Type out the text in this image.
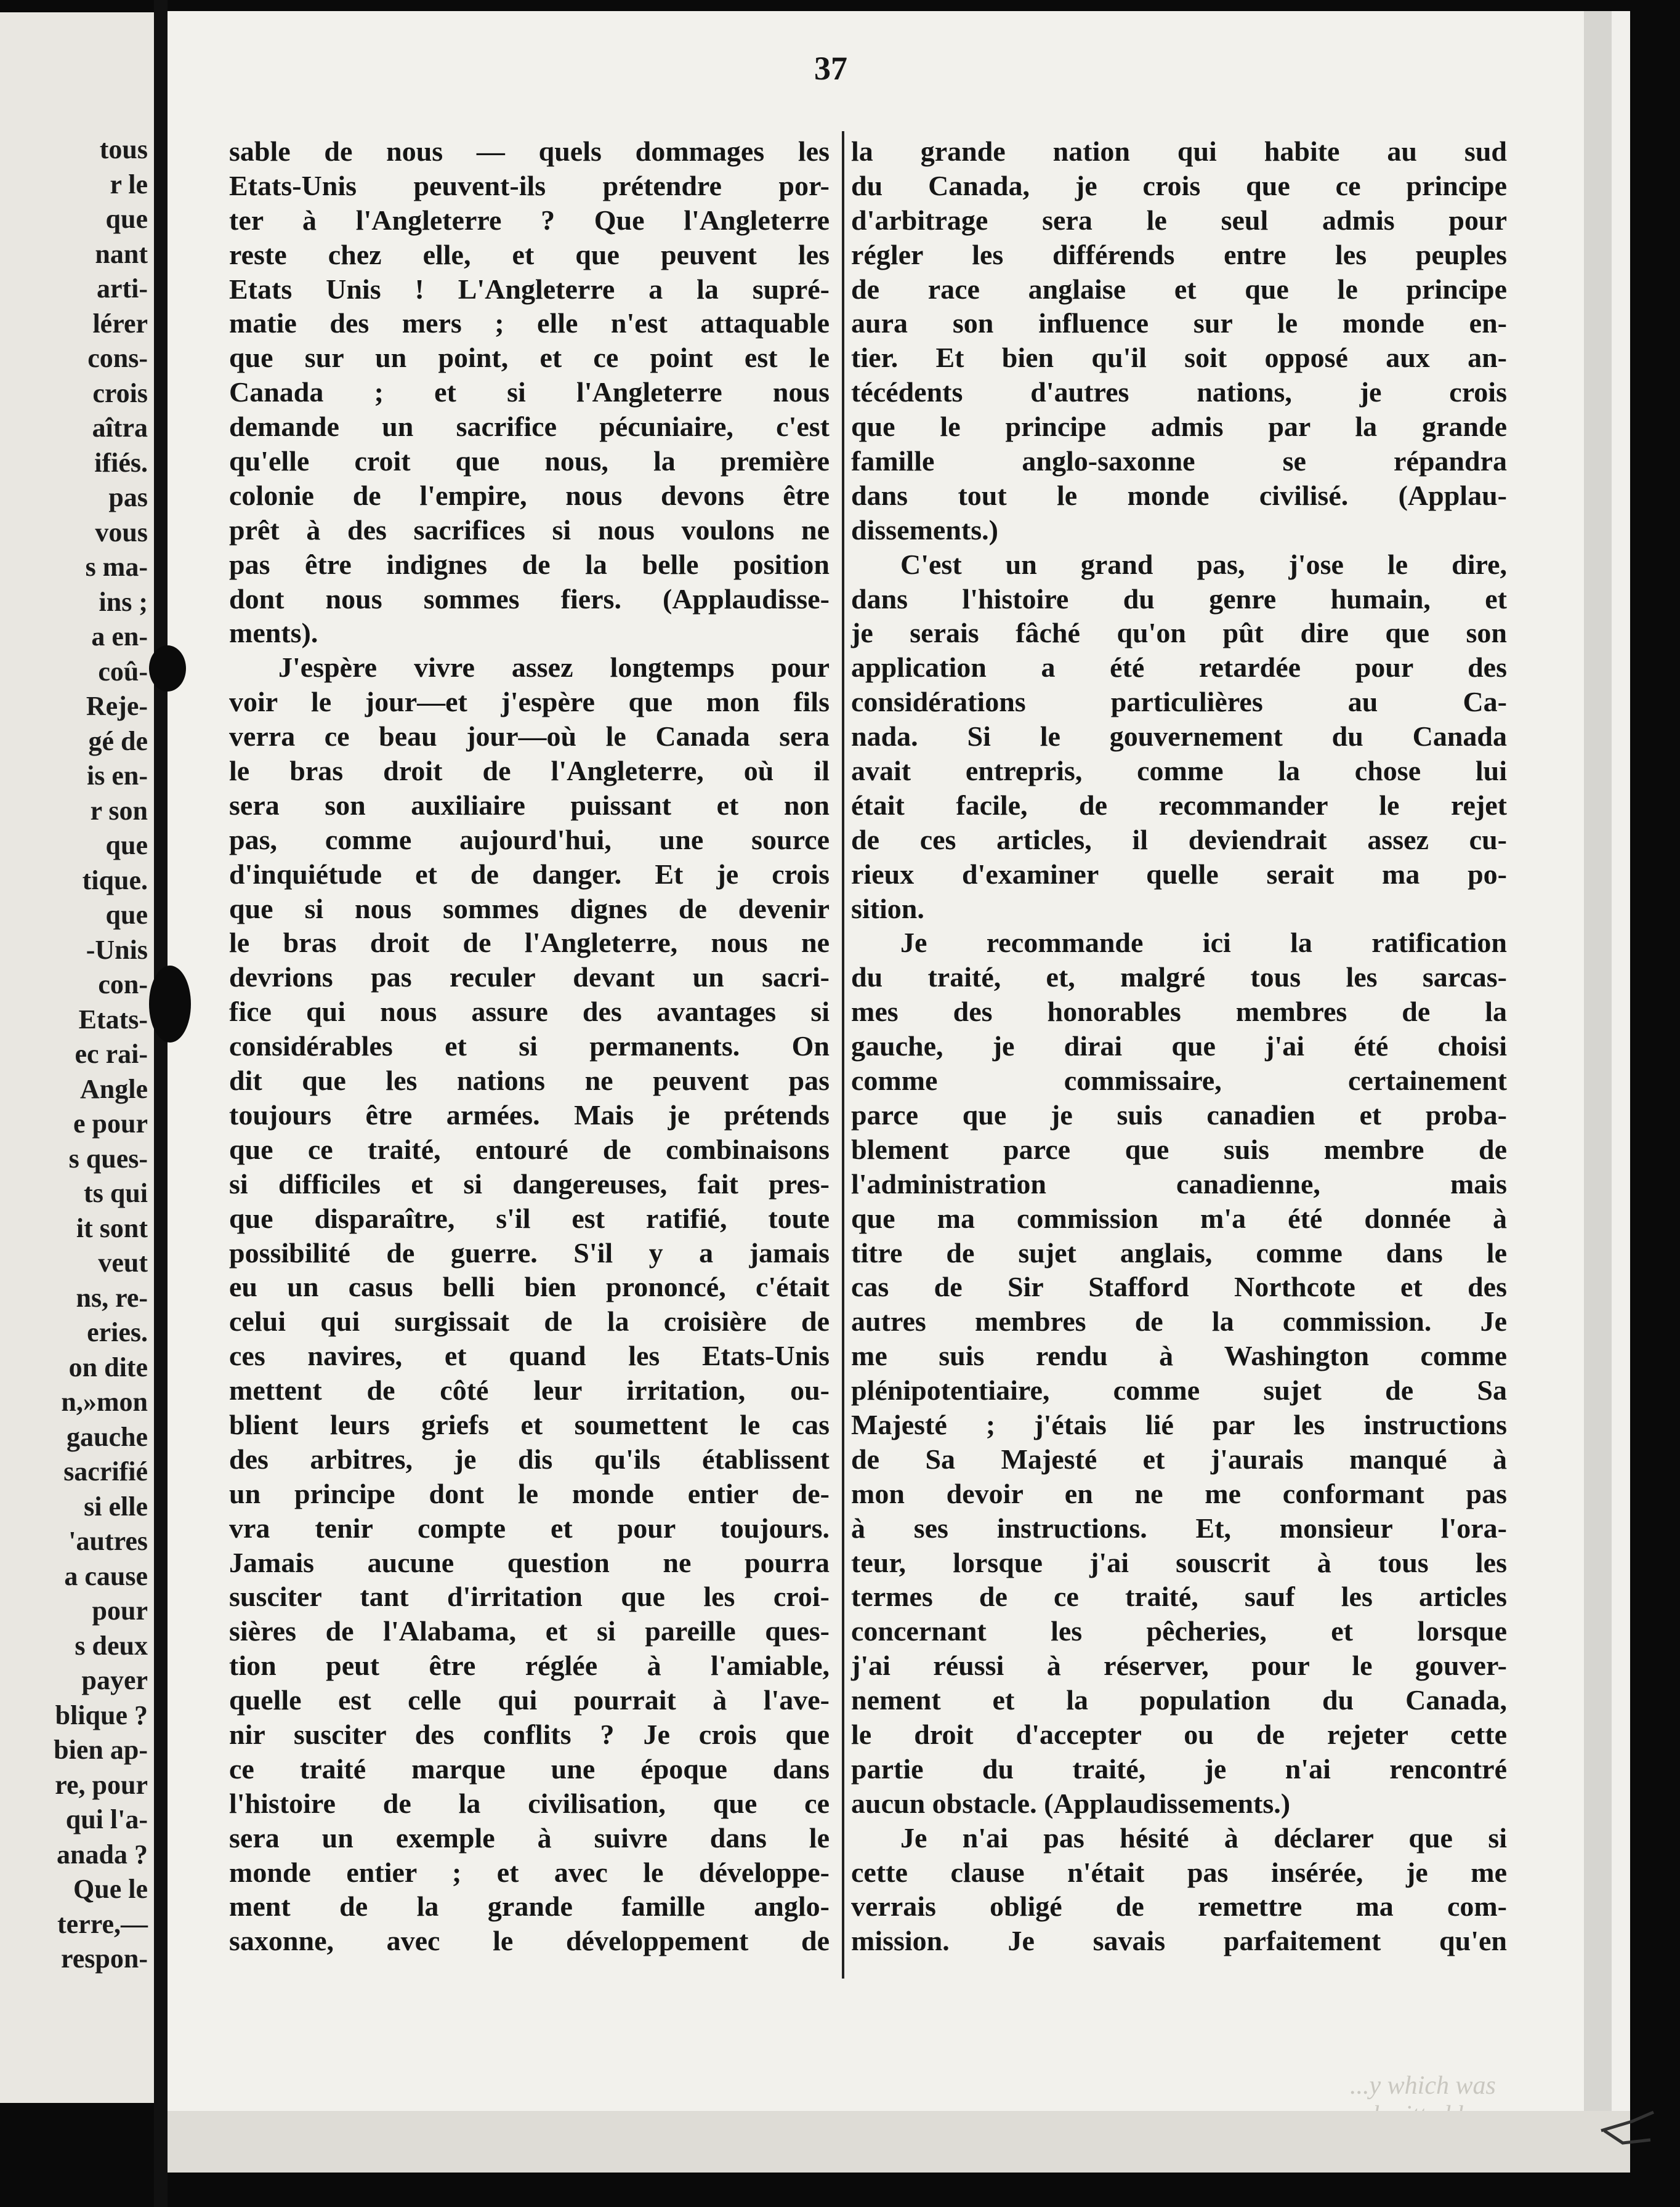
tous
r le
que
nant
arti-
lérer
cons-
crois
aîtra
ifiés.
pas
vous
s ma-
ins ;
a en-
coû-
Reje-
gé de
is en-
r son
que
tique.
que
-Unis
con-
Etats-
ec rai-
Angle
e pour
s ques-
ts qui
it sont
veut
ns, re-
eries.
on dite
n,»mon
gauche
sacrifié
si elle
'autres
a cause
pour
s deux
payer
blique ?
bien ap-
re, pour
qui l'a-
anada ?
Que le
terre,—
respon-
37
sable de nous — quels dommages les
Etats-Unis peuvent-ils prétendre por-
ter à l'Angleterre ? Que l'Angleterre
reste chez elle, et que peuvent les
Etats Unis ! L'Angleterre a la supré-
matie des mers ; elle n'est attaquable
que sur un point, et ce point est le
Canada ; et si l'Angleterre nous
demande un sacrifice pécuniaire, c'est
qu'elle croit que nous, la première
colonie de l'empire, nous devons être
prêt à des sacrifices si nous voulons ne
pas être indignes de la belle position
dont nous sommes fiers. (Applaudisse-
ments).
J'espère vivre assez longtemps pour
voir le jour—et j'espère que mon fils
verra ce beau jour—où le Canada sera
le bras droit de l'Angleterre, où il
sera son auxiliaire puissant et non
pas, comme aujourd'hui, une source
d'inquiétude et de danger. Et je crois
que si nous sommes dignes de devenir
le bras droit de l'Angleterre, nous ne
devrions pas reculer devant un sacri-
fice qui nous assure des avantages si
considérables et si permanents. On
dit que les nations ne peuvent pas
toujours être armées. Mais je prétends
que ce traité, entouré de combinaisons
si difficiles et si dangereuses, fait pres-
que disparaître, s'il est ratifié, toute
possibilité de guerre. S'il y a jamais
eu un casus belli bien prononcé, c'était
celui qui surgissait de la croisière de
ces navires, et quand les Etats-Unis
mettent de côté leur irritation, ou-
blient leurs griefs et soumettent le cas
des arbitres, je dis qu'ils établissent
un principe dont le monde entier de-
vra tenir compte et pour toujours.
Jamais aucune question ne pourra
susciter tant d'irritation que les croi-
sières de l'Alabama, et si pareille ques-
tion peut être réglée à l'amiable,
quelle est celle qui pourrait à l'ave-
nir susciter des conflits ? Je crois que
ce traité marque une époque dans
l'histoire de la civilisation, que ce
sera un exemple à suivre dans le
monde entier ; et avec le développe-
ment de la grande famille anglo-
saxonne, avec le développement de
la grande nation qui habite au sud
du Canada, je crois que ce principe
d'arbitrage sera le seul admis pour
régler les différends entre les peuples
de race anglaise et que le principe
aura son influence sur le monde en-
tier. Et bien qu'il soit opposé aux an-
técédents d'autres nations, je crois
que le principe admis par la grande
famille anglo-saxonne se répandra
dans tout le monde civilisé. (Applau-
dissements.)
C'est un grand pas, j'ose le dire,
dans l'histoire du genre humain, et
je serais fâché qu'on pût dire que son
application a été retardée pour des
considérations particulières au Ca-
nada. Si le gouvernement du Canada
avait entrepris, comme la chose lui
était facile, de recommander le rejet
de ces articles, il deviendrait assez cu-
rieux d'examiner quelle serait ma po-
sition.
Je recommande ici la ratification
du traité, et, malgré tous les sarcas-
mes des honorables membres de la
gauche, je dirai que j'ai été choisi
comme commissaire, certainement
parce que je suis canadien et proba-
blement parce que suis membre de
l'administration canadienne, mais
que ma commission m'a été donnée à
titre de sujet anglais, comme dans le
cas de Sir Stafford Northcote et des
autres membres de la commission. Je
me suis rendu à Washington comme
plénipotentiaire, comme sujet de Sa
Majesté ; j'étais lié par les instructions
de Sa Majesté et j'aurais manqué à
mon devoir en ne me conformant pas
à ses instructions. Et, monsieur l'ora-
teur, lorsque j'ai souscrit à tous les
termes de ce traité, sauf les articles
concernant les pêcheries, et lorsque
j'ai réussi à réserver, pour le gouver-
nement et la population du Canada,
le droit d'accepter ou de rejeter cette
partie du traité, je n'ai rencontré
aucun obstacle. (Applaudissements.)
Je n'ai pas hésité à déclarer que si
cette clause n'était pas insérée, je me
verrais obligé de remettre ma com-
mission. Je savais parfaitement qu'en
...y which was
